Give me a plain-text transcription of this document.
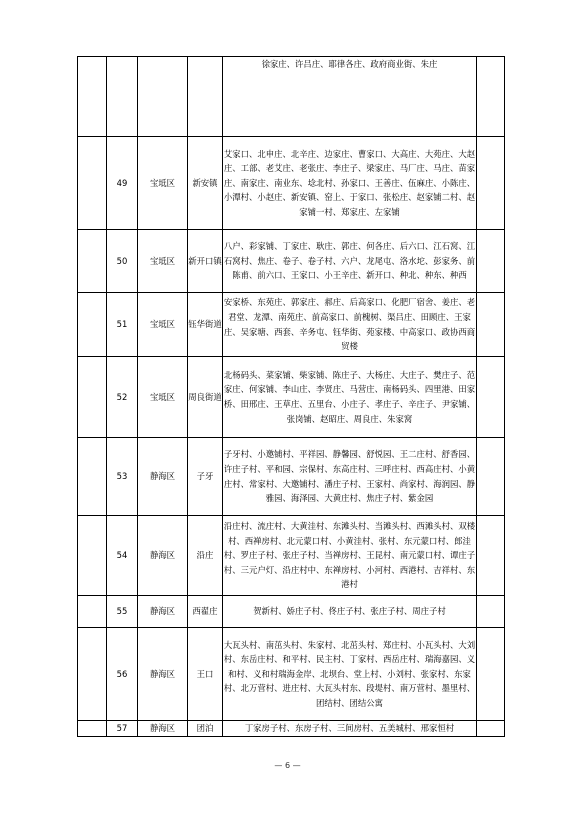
				徐家庄、许吕庄、耶律各庄、政府商业街、朱庄	
	49	宝坻区	新安镇	艾家口、北申庄、北辛庄、边家庄、曹家口、大高庄、大苑庄、大赵庄、工部、老艾庄、老张庄、李庄子、梁家庄、马厂庄、马庄、苗家庄、南家庄、南业东、埝北村、孙家口、王善庄、伍麻庄、小陈庄、小潭村、小赵庄、新安镇、窑上、于家口、张松庄、赵家铺二村、赵家铺一村、郑家庄、左家铺	
	50	宝坻区	新开口镇	八户、彩家铺、丁家庄、耿庄、郭庄、何各庄、后六口、江石窝、江石窝村、焦庄、卷子、卷子村、六户、龙尾屯、洛水坨、彭家务、前陈甫、前六口、王家口、小王辛庄、新开口、种北、种东、种西	
	51	宝坻区	钰华街道	安家桥、东苑庄、郭家庄、郝庄、后高家口、化肥厂宿舍、姜庄、老君堂、龙潭、南苑庄、前高家口、前槐树、渠吕庄、田顾庄、王家庄、吴家塘、西套、辛务屯、钰华街、苑家楼、中高家口、政协西商贸楼	
	52	宝坻区	周良街道	北杨码头、菜家铺、柴家铺、陈庄子、大杨庄、大庄子、樊庄子、范家庄、何家铺、李山庄、李贤庄、马营庄、南杨码头、四里港、田家桥、田邢庄、王草庄、五里台、小庄子、孝庄子、辛庄子、尹家铺、张岗铺、赵昭庄、周良庄、朱家窝	
	53	静海区	子牙	子牙村、小邀铺村、平祥园、静馨园、舒悦园、王二庄村、舒香园、许庄子村、平和园、宗保村、东高庄村、三呼庄村、西高庄村、小黄庄村、常家村、大邀铺村、潘庄子村、王家村、尚家村、海润园、静雅园、海泽园、大黄庄村、焦庄子村、紫金园	
	54	静海区	沿庄	沿庄村、流庄村、大黄洼村、东滩头村、当滩头村、西滩头村、双楼村、西禅房村、北元蒙口村、小黄洼村、张村、东元蒙口村、郎洼村、罗庄子村、张庄子村、当禅房村、王昆村、南元蒙口村、谭庄子村、三元户灯、沿庄村中、东禅房村、小河村、西港村、吉祥村、东港村	
	55	静海区	西翟庄	贺新村、娇庄子村、佟庄子村、张庄子村、周庄子村	
	56	静海区	王口	大瓦头村、南茁头村、朱家村、北茁头村、郑庄村、小瓦头村、大刘村、东岳庄村、和平村、民主村、丁家村、西岳庄村、瑞海嘉园、义和村、义和村瑞海金岸、北坝台、堂上村、小刘村、张家村、东家村、北万营村、进庄村、大瓦头村东、段堤村、南万营村、墨里村、团结村、团结公寓	
	57	静海区	团泊	丁家房子村、东房子村、三间房村、五美城村、邢家恒村	
— 6 —
